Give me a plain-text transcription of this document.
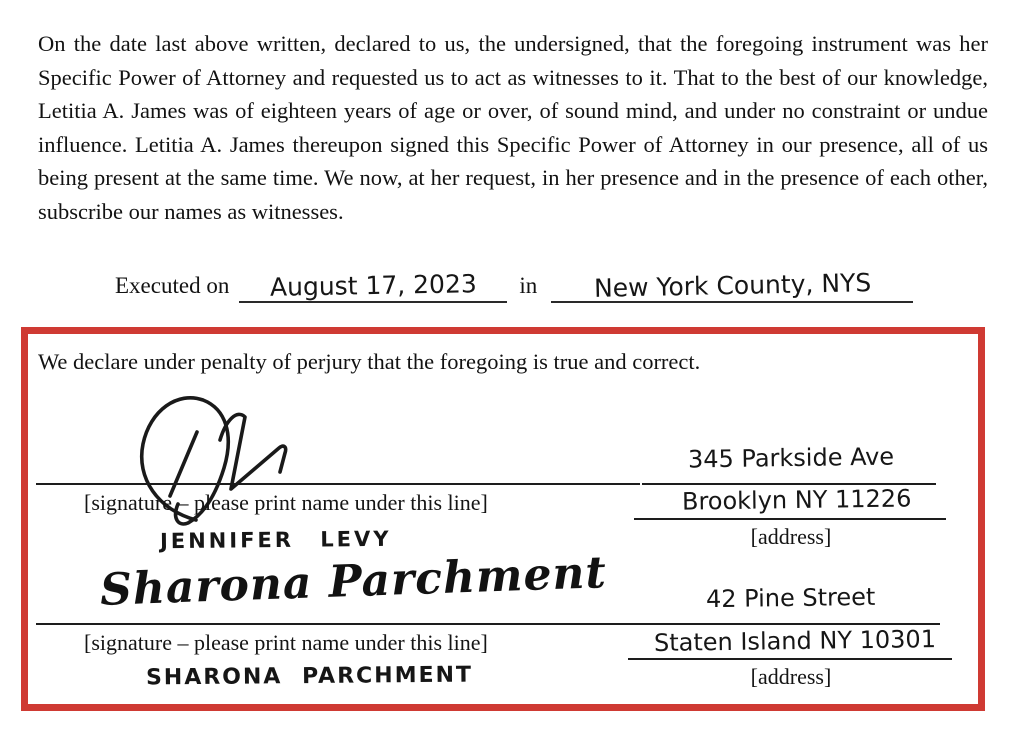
On the date last above written, declared to us, the undersigned, that the foregoing instrument was her Specific Power of Attorney and requested us to act as witnesses to it. That to the best of our knowledge, Letitia A. James was of eighteen years of age or over, of sound mind, and under no constraint or undue influence. Letitia A. James thereupon signed this Specific Power of Attorney in our presence, all of us being present at the same time. We now, at her request, in her presence and in the presence of each other, subscribe our names as witnesses.

Executed on	August 17, 2023	in	New York County, NYS

We declare under penalty of perjury that the foregoing is true and correct.

[signature – please print name under this line]
JENNIFER LEVY
345 Parkside Ave
Brooklyn NY 11226
[address]
Sharona Parchment
[signature – please print name under this line]
SHARONA PARCHMENT
42 Pine Street
Staten Island NY 10301
[address]
